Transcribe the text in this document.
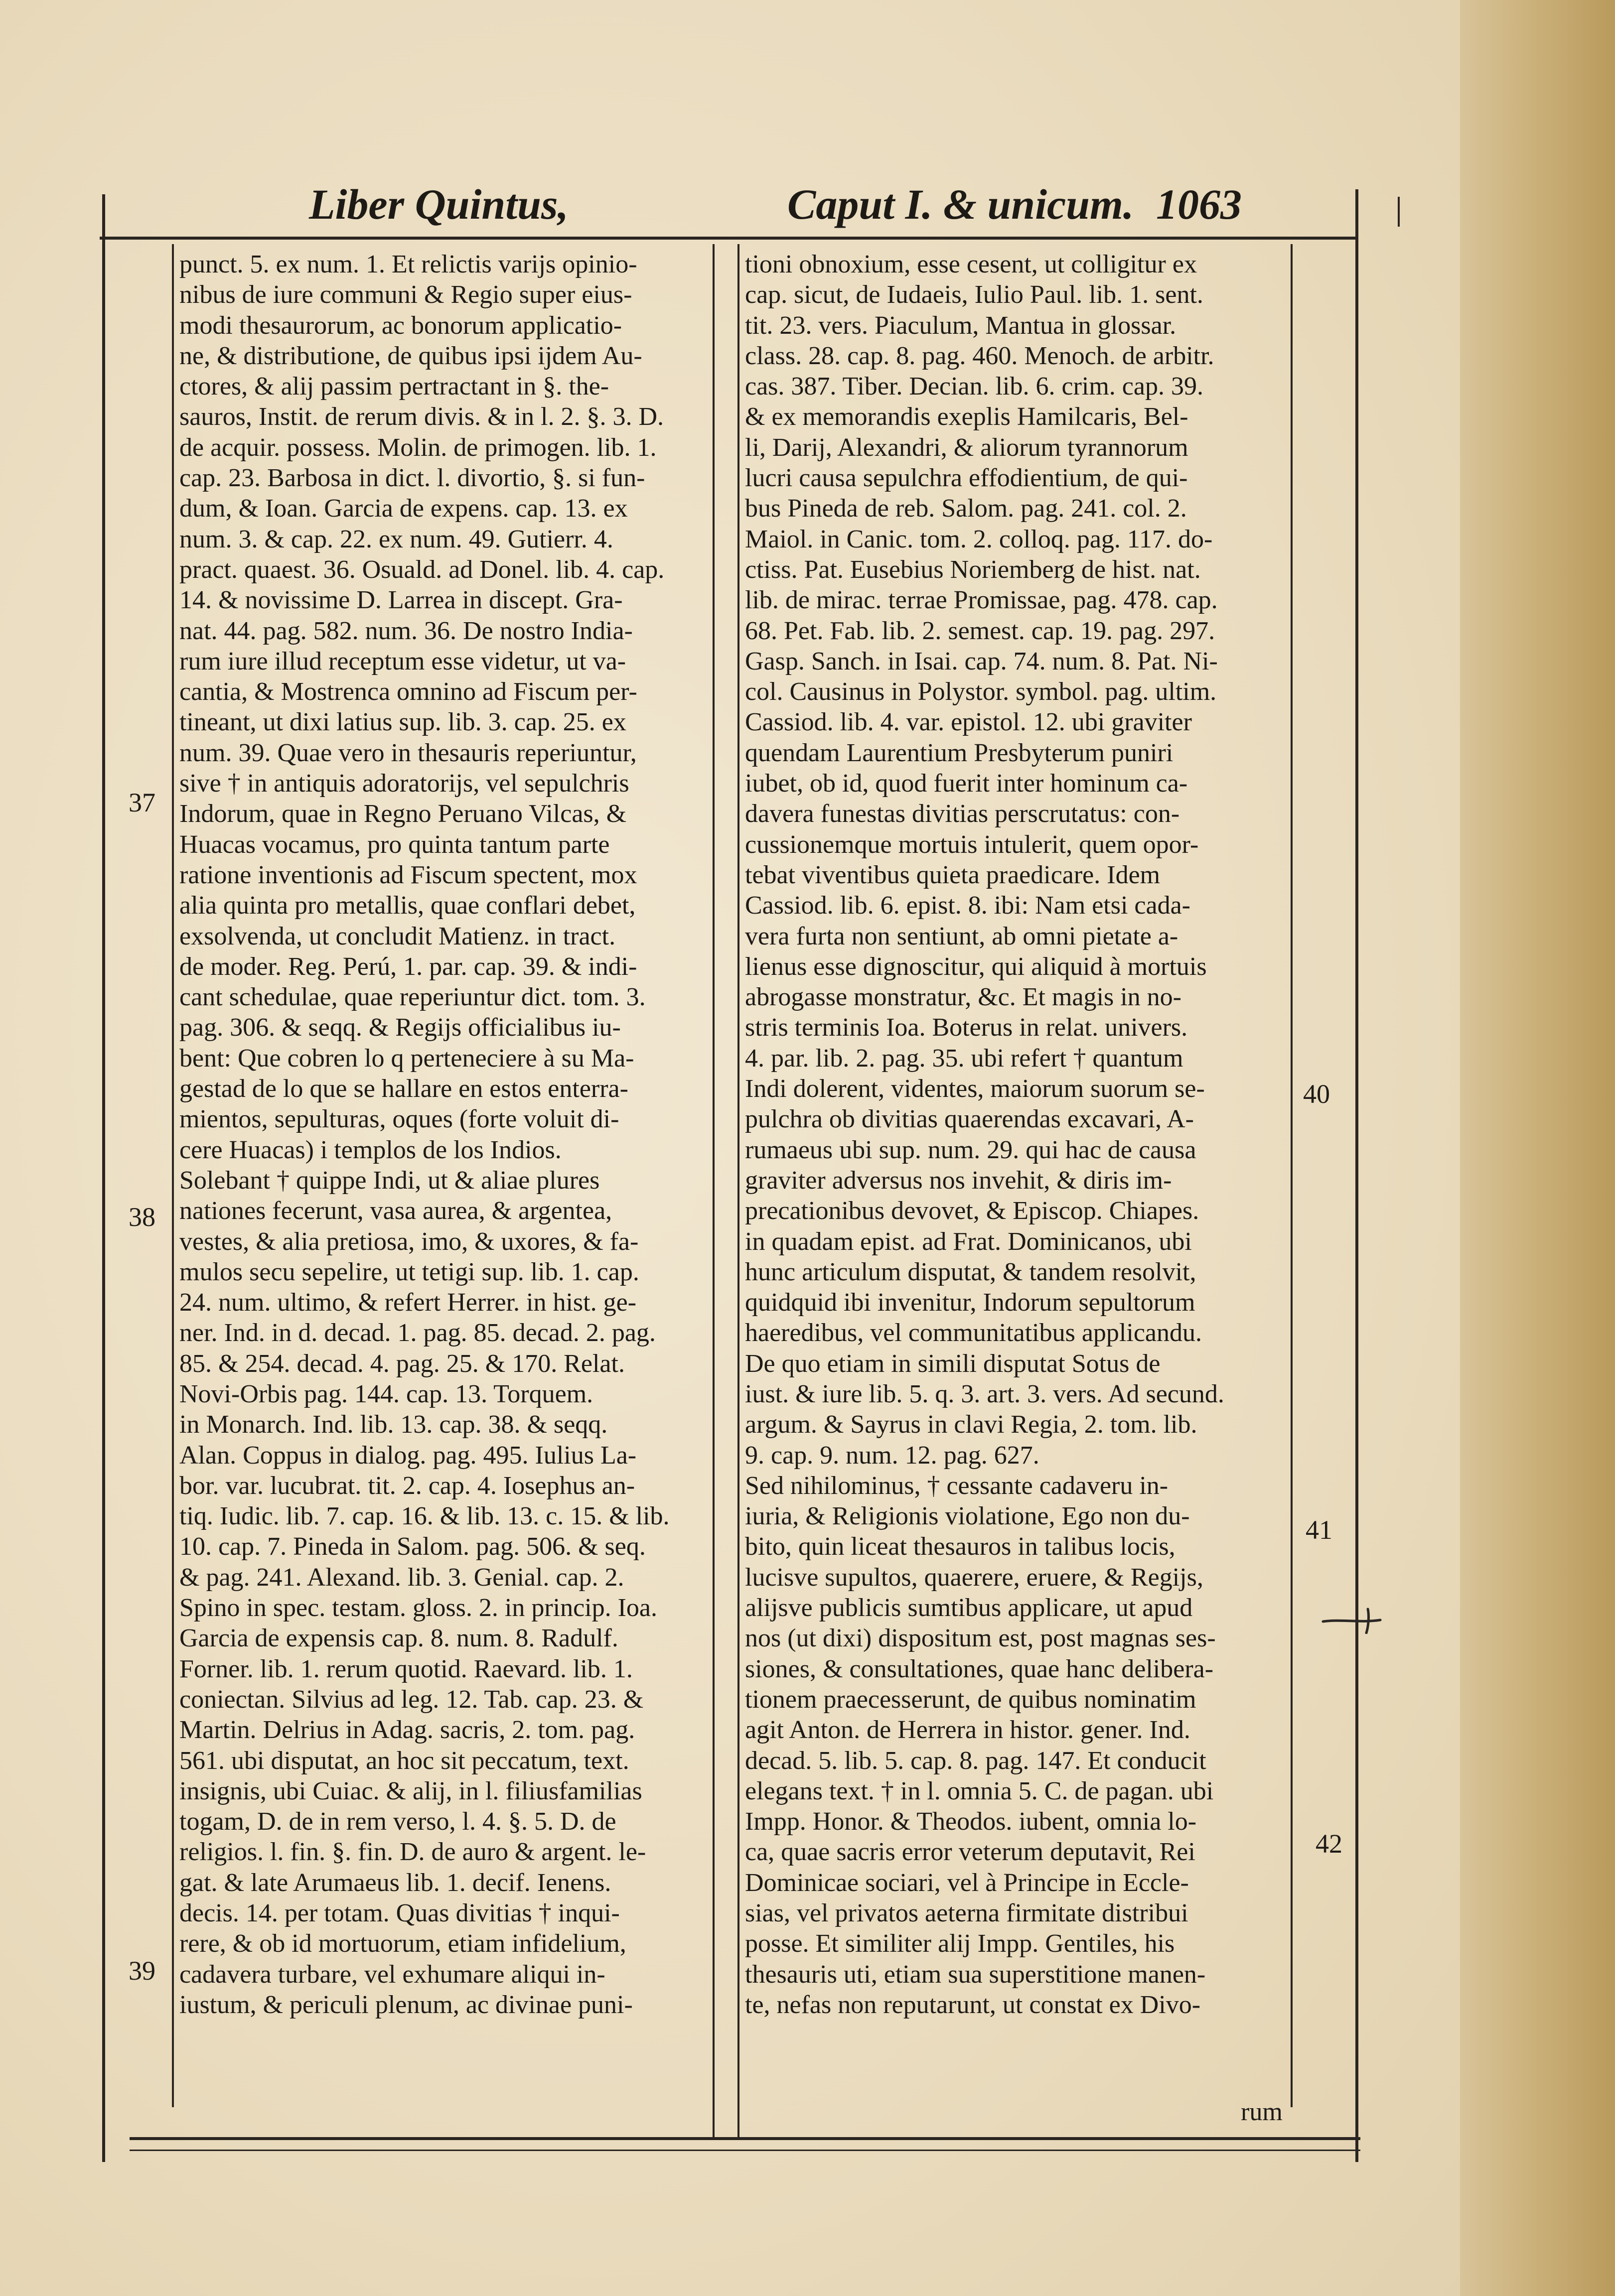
Liber Quintus,	Caput I. & unicum. 1063
37
38
39
40
41
42
punct. 5. ex num. 1. Et relictis varijs opinio-
nibus de iure communi & Regio super eius-
modi thesaurorum, ac bonorum applicatio-
ne, & distributione, de quibus ipsi ijdem Au-
ctores, & alij passim pertractant in §. the-
sauros, Instit. de rerum divis. & in l. 2. §. 3. D.
de acquir. possess. Molin. de primogen. lib. 1.
cap. 23. Barbosa in dict. l. divortio, §. si fun-
dum, & Ioan. Garcia de expens. cap. 13. ex
num. 3. & cap. 22. ex num. 49. Gutierr. 4.
pract. quaest. 36. Osuald. ad Donel. lib. 4. cap.
14. & novissime D. Larrea in discept. Gra-
nat. 44. pag. 582. num. 36. De nostro India-
rum iure illud receptum esse videtur, ut va-
cantia, & Mostrenca omnino ad Fiscum per-
tineant, ut dixi latius sup. lib. 3. cap. 25. ex
num. 39. Quae vero in thesauris reperiuntur,
sive † in antiquis adoratorijs, vel sepulchris
Indorum, quae in Regno Peruano Vilcas, &
Huacas vocamus, pro quinta tantum parte
ratione inventionis ad Fiscum spectent, mox
alia quinta pro metallis, quae conflari debet,
exsolvenda, ut concludit Matienz. in tract.
de moder. Reg. Perú, 1. par. cap. 39. & indi-
cant schedulae, quae reperiuntur dict. tom. 3.
pag. 306. & seqq. & Regijs officialibus iu-
bent: Que cobren lo q perteneciere à su Ma-
gestad de lo que se hallare en estos enterra-
mientos, sepulturas, oques (forte voluit di-
cere Huacas) i templos de los Indios.
Solebant † quippe Indi, ut & aliae plures
nationes fecerunt, vasa aurea, & argentea,
vestes, & alia pretiosa, imo, & uxores, & fa-
mulos secu sepelire, ut tetigi sup. lib. 1. cap.
24. num. ultimo, & refert Herrer. in hist. ge-
ner. Ind. in d. decad. 1. pag. 85. decad. 2. pag.
85. & 254. decad. 4. pag. 25. & 170. Relat.
Novi-Orbis pag. 144. cap. 13. Torquem.
in Monarch. Ind. lib. 13. cap. 38. & seqq.
Alan. Coppus in dialog. pag. 495. Iulius La-
bor. var. lucubrat. tit. 2. cap. 4. Iosephus an-
tiq. Iudic. lib. 7. cap. 16. & lib. 13. c. 15. & lib.
10. cap. 7. Pineda in Salom. pag. 506. & seq.
& pag. 241. Alexand. lib. 3. Genial. cap. 2.
Spino in spec. testam. gloss. 2. in princip. Ioa.
Garcia de expensis cap. 8. num. 8. Radulf.
Forner. lib. 1. rerum quotid. Raevard. lib. 1.
coniectan. Silvius ad leg. 12. Tab. cap. 23. &
Martin. Delrius in Adag. sacris, 2. tom. pag.
561. ubi disputat, an hoc sit peccatum, text.
insignis, ubi Cuiac. & alij, in l. filiusfamilias
togam, D. de in rem verso, l. 4. §. 5. D. de
religios. l. fin. §. fin. D. de auro & argent. le-
gat. & late Arumaeus lib. 1. decif. Ienens.
decis. 14. per totam. Quas divitias † inqui-
rere, & ob id mortuorum, etiam infidelium,
cadavera turbare, vel exhumare aliqui in-
iustum, & periculi plenum, ac divinae puni-
tioni obnoxium, esse cesent, ut colligitur ex
cap. sicut, de Iudaeis, Iulio Paul. lib. 1. sent.
tit. 23. vers. Piaculum, Mantua in glossar.
class. 28. cap. 8. pag. 460. Menoch. de arbitr.
cas. 387. Tiber. Decian. lib. 6. crim. cap. 39.
& ex memorandis exeplis Hamilcaris, Bel-
li, Darij, Alexandri, & aliorum tyrannorum
lucri causa sepulchra effodientium, de qui-
bus Pineda de reb. Salom. pag. 241. col. 2.
Maiol. in Canic. tom. 2. colloq. pag. 117. do-
ctiss. Pat. Eusebius Noriemberg de hist. nat.
lib. de mirac. terrae Promissae, pag. 478. cap.
68. Pet. Fab. lib. 2. semest. cap. 19. pag. 297.
Gasp. Sanch. in Isai. cap. 74. num. 8. Pat. Ni-
col. Causinus in Polystor. symbol. pag. ultim.
Cassiod. lib. 4. var. epistol. 12. ubi graviter
quendam Laurentium Presbyterum puniri
iubet, ob id, quod fuerit inter hominum ca-
davera funestas divitias perscrutatus: con-
cussionemque mortuis intulerit, quem opor-
tebat viventibus quieta praedicare. Idem
Cassiod. lib. 6. epist. 8. ibi: Nam etsi cada-
vera furta non sentiunt, ab omni pietate a-
lienus esse dignoscitur, qui aliquid à mortuis
abrogasse monstratur, &c. Et magis in no-
stris terminis Ioa. Boterus in relat. univers.
4. par. lib. 2. pag. 35. ubi refert † quantum
Indi dolerent, videntes, maiorum suorum se-
pulchra ob divitias quaerendas excavari, A-
rumaeus ubi sup. num. 29. qui hac de causa
graviter adversus nos invehit, & diris im-
precationibus devovet, & Episcop. Chiapes.
in quadam epist. ad Frat. Dominicanos, ubi
hunc articulum disputat, & tandem resolvit,
quidquid ibi invenitur, Indorum sepultorum
haeredibus, vel communitatibus applicandu.
De quo etiam in simili disputat Sotus de
iust. & iure lib. 5. q. 3. art. 3. vers. Ad secund.
argum. & Sayrus in clavi Regia, 2. tom. lib.
9. cap. 9. num. 12. pag. 627.
Sed nihilominus, † cessante cadaveru in-
iuria, & Religionis violatione, Ego non du-
bito, quin liceat thesauros in talibus locis,
lucisve supultos, quaerere, eruere, & Regijs,
alijsve publicis sumtibus applicare, ut apud
nos (ut dixi) dispositum est, post magnas ses-
siones, & consultationes, quae hanc delibera-
tionem praecesserunt, de quibus nominatim
agit Anton. de Herrera in histor. gener. Ind.
decad. 5. lib. 5. cap. 8. pag. 147. Et conducit
elegans text. † in l. omnia 5. C. de pagan. ubi
Impp. Honor. & Theodos. iubent, omnia lo-
ca, quae sacris error veterum deputavit, Rei
Dominicae sociari, vel à Principe in Eccle-
sias, vel privatos aeterna firmitate distribui
posse. Et similiter alij Impp. Gentiles, his
thesauris uti, etiam sua superstitione manen-
te, nefas non reputarunt, ut constat ex Divo-
rum
